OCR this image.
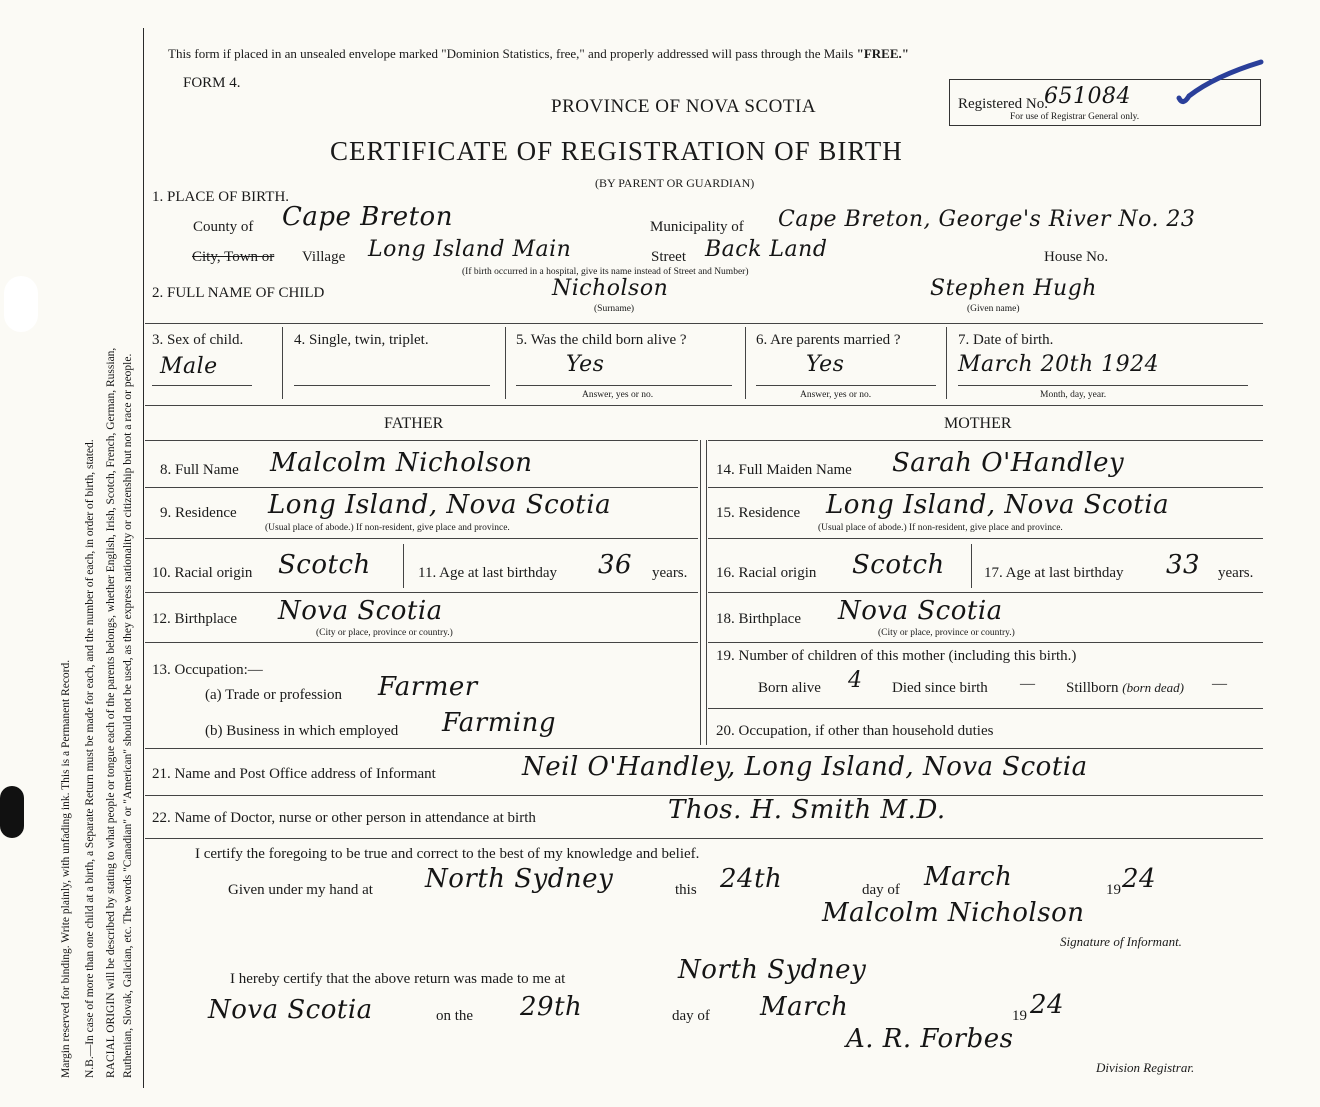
Margin reserved for binding. Write plainly, with unfading ink. This is a Permanent Record. N.B.—In case of more than one child at a birth, a Separate Return must be made for each, and the number of each, in order of birth, stated. RACIAL ORIGIN will be described by stating to what people or tongue each of the parents belongs, whether English, Irish, Scotch, French, German, Russian, Ruthenian, Slovak, Galician, etc. The words "Canadian" or "American" should not be used, as they express nationality or citizenship but not a race or people.
This form if placed in an unsealed envelope marked "Dominion Statistics, free," and properly addressed will pass through the Mails "FREE."
FORM 4.
PROVINCE OF NOVA SCOTIA	Registered No.
651084
For use of Registrar General only.
CERTIFICATE OF REGISTRATION OF BIRTH
(BY PARENT OR GUARDIAN)
1. PLACE OF BIRTH.
County of Cape Breton	Municipality of Cape Breton, George's River No. 23
City, Town or Village Long Island Main	Street Back Land	House No.
(If birth occurred in a hospital, give its name instead of Street and Number)
2. FULL NAME OF CHILD	Nicholson
(Surname)
Stephen Hugh
(Given name)
3. Sex of child.
Male
4. Single, twin, triplet.	5. Was the child born alive ?
Yes
Answer, yes or no.
6. Are parents married ?
Yes
Answer, yes or no.
7. Date of birth.
March 20th 1924
Month, day, year.
FATHER	MOTHER
8. Full Name Malcolm Nicholson
9. Residence Long Island, Nova Scotia
(Usual place of abode.) If non-resident, give place and province.
10. Racial origin Scotch	11. Age at last birthday 36 years.
12. Birthplace Nova Scotia
(City or place, province or country.)
13. Occupation:—
(a) Trade or profession Farmer
(b) Business in which employed Farming
14. Full Maiden Name Sarah O'Handley
15. Residence Long Island, Nova Scotia
(Usual place of abode.) If non-resident, give place and province.
16. Racial origin Scotch	17. Age at last birthday 33 years.
18. Birthplace Nova Scotia
(City or place, province or country.)
19. Number of children of this mother (including this birth.)
Born alive 4 Died since birth — Stillborn (born dead) —
20. Occupation, if other than household duties
21. Name and Post Office address of Informant	Neil O'Handley, Long Island, Nova Scotia
22. Name of Doctor, nurse or other person in attendance at birth	Thos. H. Smith M.D.
I certify the foregoing to be true and correct to the best of my knowledge and belief.
Given under my hand at North Sydney	this 24th	day of March	19 24
Malcolm Nicholson
Signature of Informant.
I hereby certify that the above return was made to me at	North Sydney
Nova Scotia	on the 29th	day of March	19 24
A. R. Forbes
Division Registrar.
